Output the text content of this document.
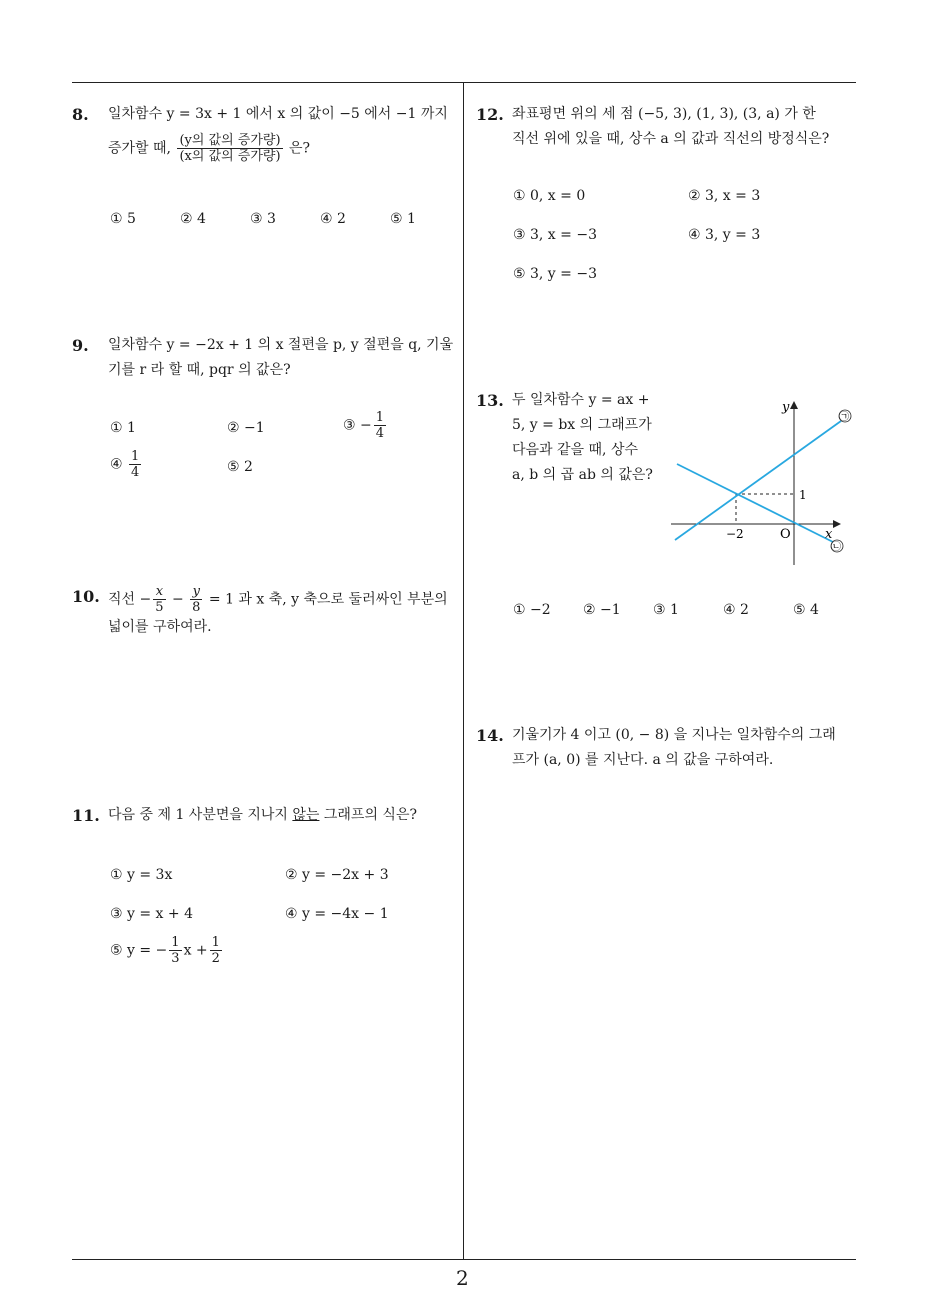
8. 일차함수 y = 3x + 1 에서 x 의 값이 −5 에서 −1 까지
증가할 때, $\frac{\text{(y의 값의 증가량)}}{\text{(x의 값의 증가량)}}$ 은?
① 5	② 4	③ 3	④ 2	⑤ 1
9. 일차함수 y = −2x + 1 의 x 절편을 p, y 절편을 q, 기울
기를 r 라 할 때, pqr 의 값은?
① 1	② −1	③ − $\frac{1}{4}$
④ $\frac{1}{4}$	⑤ 2
10. 직선 − $\frac{x}{5} - \frac{y}{8} = 1$ 과 x 축, y 축으로 둘러싸인 부분의
넓이를 구하여라.
11. 다음 중 제 1 사분면을 지나지 않는 그래프의 식은?
① y = 3x	② y = −2x + 3
③ y = x + 4	④ y = −4x − 1
⑤ y = − $\frac{1}{3}$ $x + \frac{1}{2}$
12. 좌표평면 위의 세 점 (−5, 3), (1, 3), (3, a) 가 한
직선 위에 있을 때, 상수 a 의 값과 직선의 방정식은?
① 0, x = 0	② 3, x = 3
③ 3, x = −3	④ 3, y = 3
⑤ 3, y = −3
13. 두 일차함수 y = ax +
5, y = bx 의 그래프가
다음과 같을 때, 상수
a, b 의 곱 ab 의 값은?
y
x
O
−2
1
㉠
㉡
① −2 ② −1 ③ 1	④ 2	⑤ 4
14. 기울기가 4 이고 (0, − 8) 을 지나는 일차함수의 그래
프가 (a, 0) 를 지난다. a 의 값을 구하여라.
2
